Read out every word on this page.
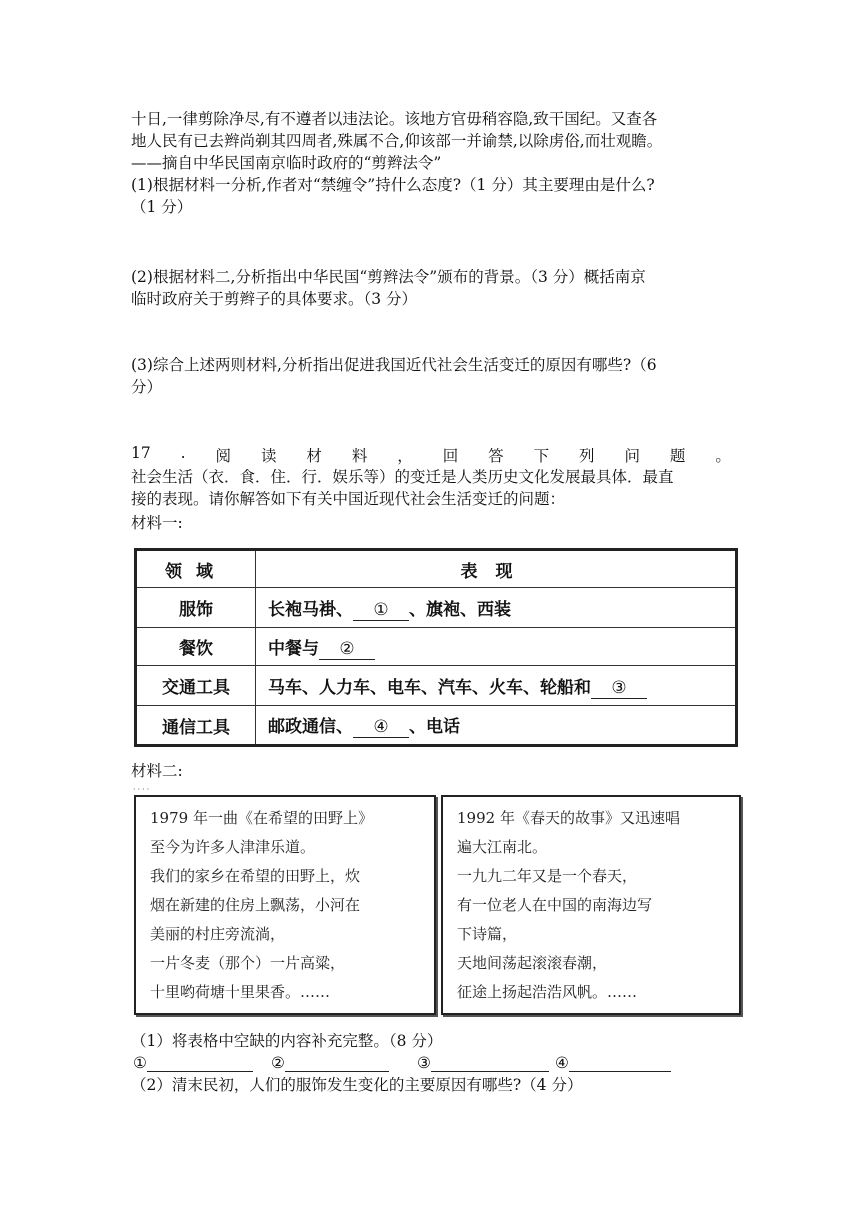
十日,一律剪除净尽,有不遵者以违法论。该地方官毋稍容隐,致干国纪。又查各
地人民有已去辫尚剃其四周者,殊属不合,仰该部一并谕禁,以除虏俗,而壮观瞻。
——摘自中华民国南京临时政府的“剪辫法令”
(1)根据材料一分析,作者对“禁缠令”持什么态度?（1 分）其主要理由是什么?
（1 分）
(2)根据材料二,分析指出中华民国“剪辫法令”颁布的背景。（3 分）概括南京
临时政府关于剪辫子的具体要求。（3 分）
(3)综合上述两则材料,分析指出促进我国近代社会生活变迁的原因有哪些?（6
分）
17 . 阅 读 材 料 ， 回 答 下 列 问 题 。
社会生活（衣．食．住．行．娱乐等）的变迁是人类历史文化发展最具体．最直
接的表现。请你解答如下有关中国近现代社会生活变迁的问题：
材料一:
领域	表现
服饰	长袍马褂、 ① 、旗袍、西装
餐饮	中餐与 ②
交通工具	马车、人力车、电车、汽车、火车、轮船和 ③
通信工具	邮政通信、 ④ 、电话
材料二:
····
1979 年一曲《在希望的田野上》
至今为许多人津津乐道。
我们的家乡在希望的田野上，炊
烟在新建的住房上飘荡，小河在
美丽的村庄旁流淌，
一片冬麦（那个）一片高粱，
十里哟荷塘十里果香。……
1992 年《春天的故事》又迅速唱
遍大江南北。
一九九二年又是一个春天，
有一位老人在中国的南海边写
下诗篇，
天地间荡起滚滚春潮，
征途上扬起浩浩风帆。……
（1）将表格中空缺的内容补充完整。（8 分）
①	②	③	④
（2）清末民初，人们的服饰发生变化的主要原因有哪些?（4 分）
